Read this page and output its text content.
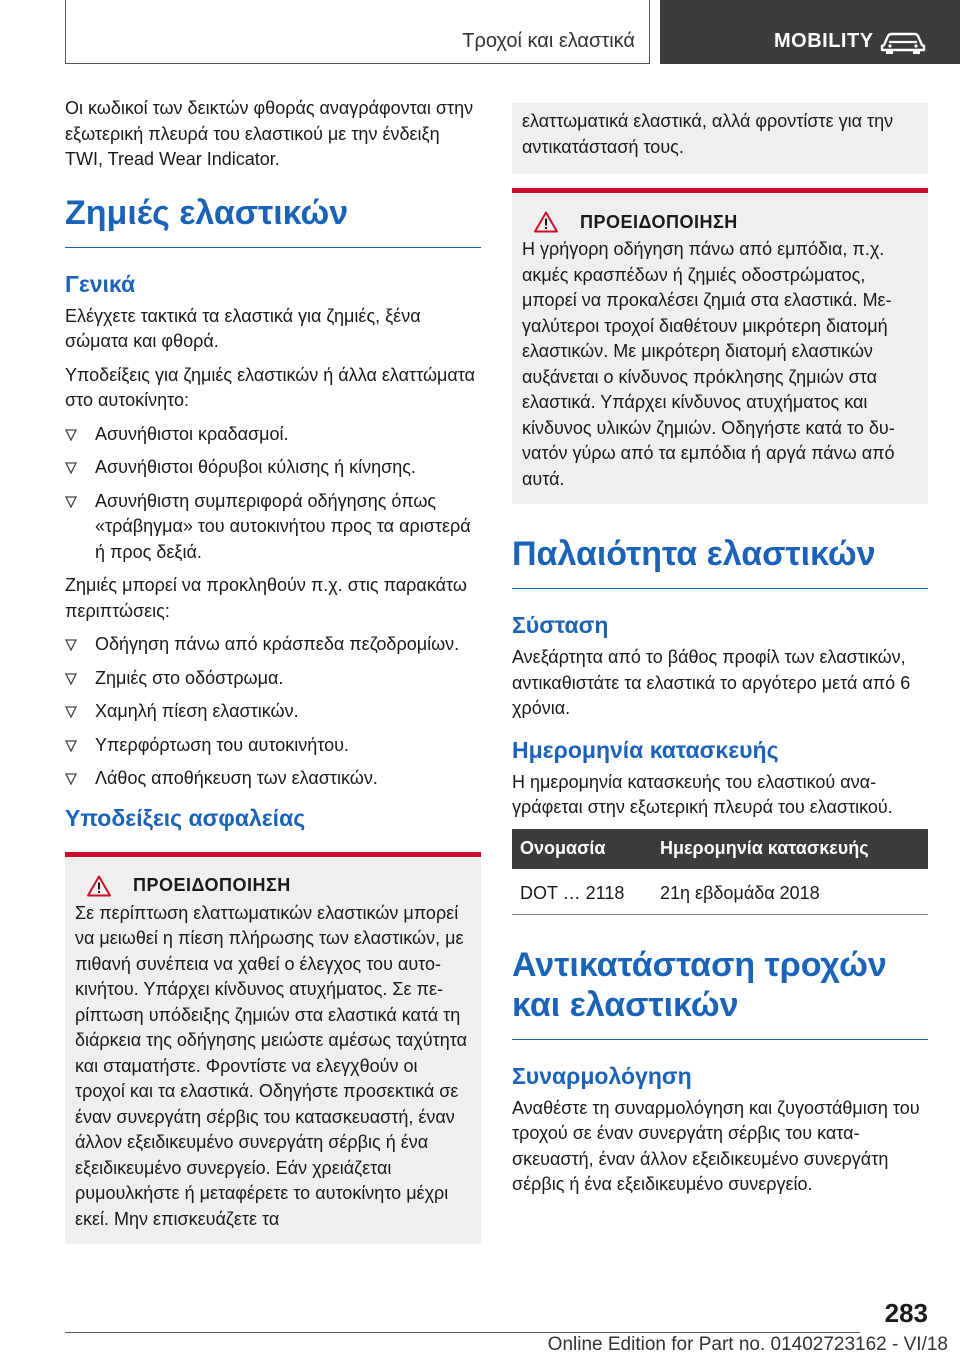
Τροχοί και ελαστικά	MOBILITY

Οι κωδικοί των δεικτών φθοράς αναγράφονται στην εξωτερική πλευρά του ελαστικού με την ένδειξη TWI, Tread Wear Indicator.

Ζημιές ελαστικών
Γενικά

Ελέγχετε τακτικά τα ελαστικά για ζημιές, ξένα σώματα και φθορά.

Υποδείξεις για ζημιές ελαστικών ή άλλα ελαττώματα στο αυτοκίνητο:

Ασυνήθιστοι κραδασμοί.
Ασυνήθιστοι θόρυβοι κύλισης ή κίνησης.
Ασυνήθιστη συμπεριφορά οδήγησης όπως «τράβηγμα» του αυτοκινήτου προς τα αριστερά ή προς δεξιά.

Ζημιές μπορεί να προκληθούν π.χ. στις παρακάτω περιπτώσεις:

Οδήγηση πάνω από κράσπεδα πεζοδρομίων.
Ζημιές στο οδόστρωμα.
Χαμηλή πίεση ελαστικών.
Υπερφόρτωση του αυτοκινήτου.
Λάθος αποθήκευση των ελαστικών.
Υποδείξεις ασφαλείας
ΠΡΟΕΙΔΟΠΟΙΗΣΗ

Σε περίπτωση ελαττωματικών ελαστικών μπορεί να μειωθεί η πίεση πλήρωσης των ελαστικών, με πιθανή συνέπεια να χαθεί ο έλεγχος του αυτοκινήτου. Υπάρχει κίνδυνος ατυχήματος. Σε περίπτωση υπόδειξης ζημιών στα ελαστικά κατά τη διάρκεια της οδήγησης μειώστε αμέσως ταχύτητα και σταματήστε. Φροντίστε να ελεγχθούν οι τροχοί και τα ελαστικά. Οδηγήστε προσεκτικά σε έναν συνεργάτη σέρβις του κατασκευαστή, έναν άλλον εξειδικευμένο συνεργάτη σέρβις ή ένα εξειδικευμένο συνεργείο. Εάν χρειάζεται ρυμουλκήστε ή μεταφέρετε το αυτοκίνητο μέχρι εκεί. Μην επισκευάζετε τα

ελαττωματικά ελαστικά, αλλά φροντίστε για την αντικατάστασή τους.

ΠΡΟΕΙΔΟΠΟΙΗΣΗ

Η γρήγορη οδήγηση πάνω από εμπόδια, π.χ. ακμές κρασπέδων ή ζημιές οδοστρώματος, μπορεί να προκαλέσει ζημιά στα ελαστικά. Μεγαλύτεροι τροχοί διαθέτουν μικρότερη διατομή ελαστικών. Με μικρότερη διατομή ελαστικών αυξάνεται ο κίνδυνος πρόκλησης ζημιών στα ελαστικά. Υπάρχει κίνδυνος ατυχήματος και κίνδυνος υλικών ζημιών. Οδηγήστε κατά το δυνατόν γύρω από τα εμπόδια ή αργά πάνω από αυτά.

Παλαιότητα ελαστικών
Σύσταση

Ανεξάρτητα από το βάθος προφίλ των ελαστικών, αντικαθιστάτε τα ελαστικά το αργότερο μετά από 6 χρόνια.

Ημερομηνία κατασκευής

Η ημερομηνία κατασκευής του ελαστικού αναγράφεται στην εξωτερική πλευρά του ελαστικού.

Ονομασία	Ημερομηνία κατασκευής
DOT … 2118	21η εβδομάδα 2018
Αντικατάσταση τροχών και ελαστικών
Συναρμολόγηση

Αναθέστε τη συναρμολόγηση και ζυγοστάθμιση του τροχού σε έναν συνεργάτη σέρβις του κατασκευαστή, έναν άλλον εξειδικευμένο συνεργάτη σέρβις ή ένα εξειδικευμένο συνεργείο.

283
Online Edition for Part no. 01402723162 - VI/18
